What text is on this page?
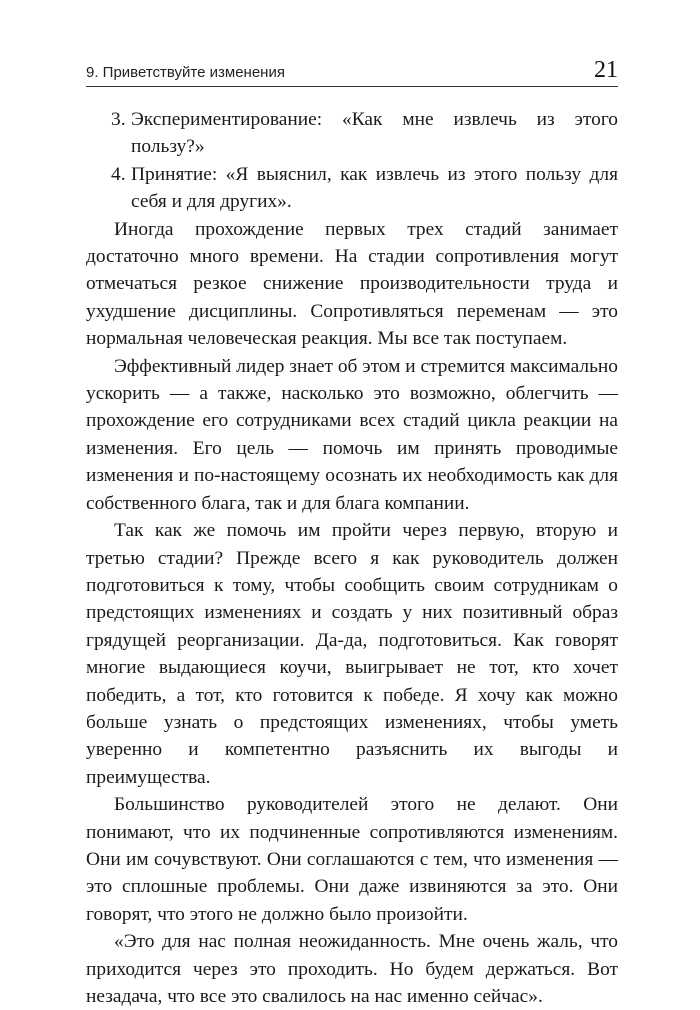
9. Приветствуйте изменения	21
3. Экспериментирование: «Как мне извлечь из этого пользу?»
4. Принятие: «Я выяснил, как извлечь из этого пользу для себя и для других».

Иногда прохождение первых трех стадий занимает достаточно много времени. На стадии сопротивления могут отмечаться резкое снижение производительности труда и ухудшение дисциплины. Сопротивляться переменам — это нормальная человеческая реакция. Мы все так поступаем.

Эффективный лидер знает об этом и стремится максимально ускорить — а также, насколько это возможно, облегчить — прохождение его сотрудниками всех стадий цикла реакции на изменения. Его цель — помочь им принять проводимые изменения и по-настоящему осознать их необходимость как для собственного блага, так и для блага компании.

Так как же помочь им пройти через первую, вторую и третью стадии? Прежде всего я как руководитель должен подготовиться к тому, чтобы сообщить своим сотрудникам о предстоящих изменениях и создать у них позитивный образ грядущей реорганизации. Да-да, подготовиться. Как говорят многие выдающиеся коучи, выигрывает не тот, кто хочет победить, а тот, кто готовится к победе. Я хочу как можно больше узнать о предстоящих изменениях, чтобы уметь уверенно и компетентно разъяснить их выгоды и преимущества.

Большинство руководителей этого не делают. Они понимают, что их подчиненные сопротивляются изменениям. Они им сочувствуют. Они соглашаются с тем, что изменения — это сплошные проблемы. Они даже извиняются за это. Они говорят, что этого не должно было произойти.

«Это для нас полная неожиданность. Мне очень жаль, что приходится через это проходить. Но будем держаться. Вот незадача, что все это свалилось на нас именно сейчас».
